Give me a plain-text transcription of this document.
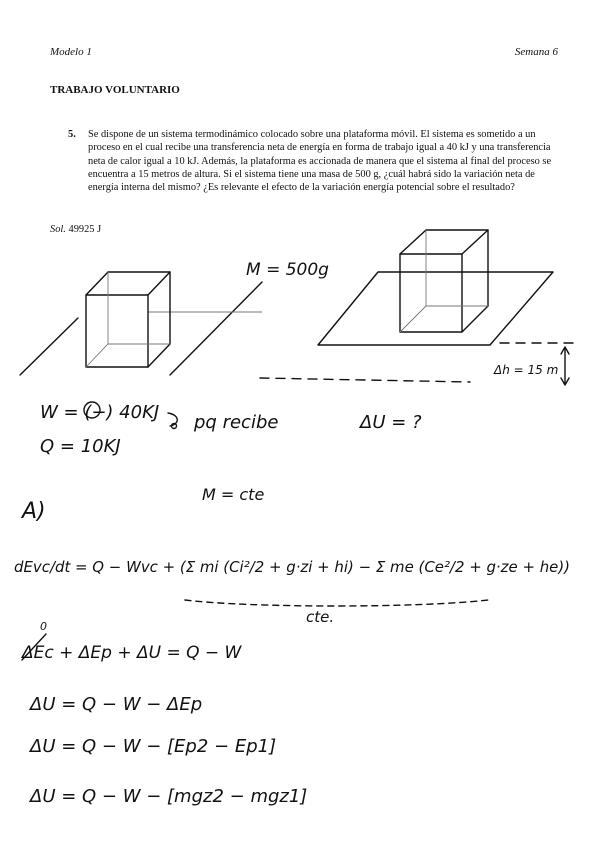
Modelo 1	Semana 6
TRABAJO VOLUNTARIO
5. Se dispone de un sistema termodinámico colocado sobre una plataforma móvil. El sistema es sometido a un proceso en el cual recibe una transferencia neta de energía en forma de trabajo igual a 40 kJ y una transferencia neta de calor igual a 10 kJ. Además, la plataforma es accionada de manera que el sistema al final del proceso se encuentra a 15 metros de altura. Si el sistema tiene una masa de 500 g, ¿cuál habrá sido la variación neta de energía interna del mismo? ¿Es relevante el efecto de la variación energía potencial sobre el resultado?
Sol. 49925 J
M = 500g
Δh = 15 m
W = (−) 40KJ pq recibe	ΔU = ?
Q = 10KJ
A)
M = cte
dEvc/dt = Q − Wvc + (Σ mi (Ci²/2 + g·zi + hi) − Σ me (Ce²/2 + g·ze + he))
cte.
ΔEc + ΔEp + ΔU = Q − W
0
ΔU = Q − W − ΔEp
ΔU = Q − W − [Ep2 − Ep1]
ΔU = Q − W − [mgz2 − mgz1]
